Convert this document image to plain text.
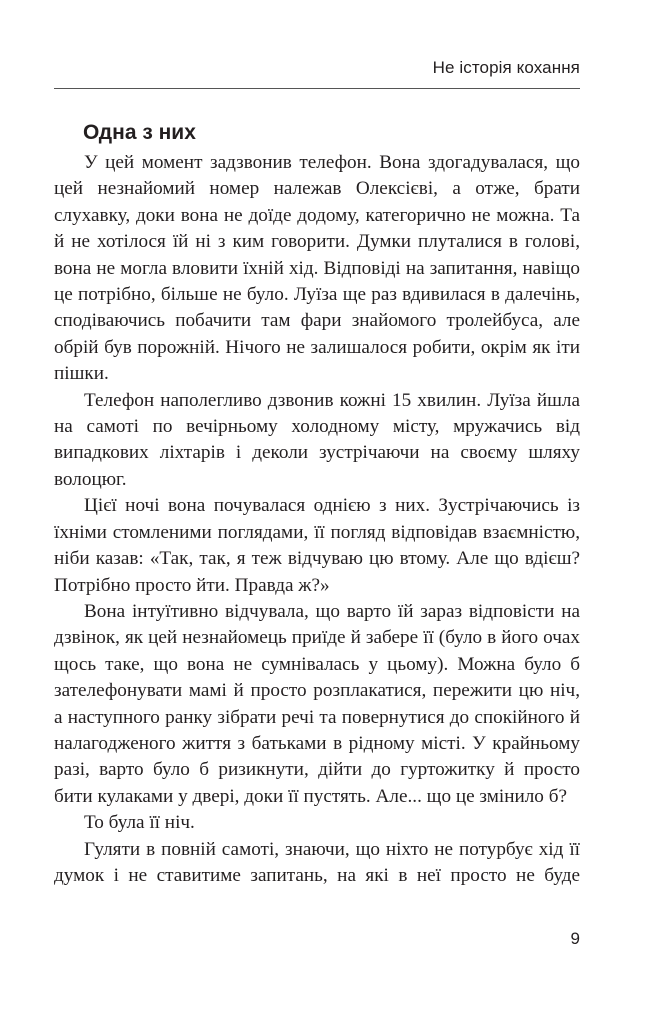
Не історія кохання
Одна з них

У цей момент задзвонив телефон. Вона здогадувалася, що цей незнайомий номер належав Олексієві, а отже, брати слухавку, доки вона не доїде додому, категорично не можна. Та й не хотілося їй ні з ким говорити. Думки плуталися в голові, вона не могла вловити їхній хід. Відповіді на запитання, навіщо це потрібно, більше не було. Луїза ще раз вдивилася в далечінь, сподіваючись побачити там фари знайомого тролейбуса, але обрій був порожній. Нічого не залишалося робити, окрім як іти пішки.

Телефон наполегливо дзвонив кожні 15 хвилин. Луїза йшла на самоті по вечірньому холодному місту, мружачись від випадкових ліхтарів і деколи зустрічаючи на своєму шляху волоцюг.

Цієї ночі вона почувалася однією з них. Зустрічаючись із їхніми стомленими поглядами, її погляд відповідав взаємністю, ніби казав: «Так, так, я теж відчуваю цю втому. Але що вдієш? Потрібно просто йти. Правда ж?»

Вона інтуїтивно відчувала, що варто їй зараз відповісти на дзвінок, як цей незнайомець приїде й забере її (було в його очах щось таке, що вона не сумнівалась у цьому). Можна було б зателефонувати мамі й просто розплакатися, пережити цю ніч, а наступного ранку зібрати речі та повернутися до спокійного й налагодженого життя з батьками в рідному місті. У крайньому разі, варто було б ризикнути, дійти до гуртожитку й просто бити кулаками у двері, доки її пустять. Але... що це змінило б?

То була її ніч.

Гуляти в повній самоті, знаючи, що ніхто не потурбує хід її думок і не ставитиме запитань, на які в неї просто не буде

9
